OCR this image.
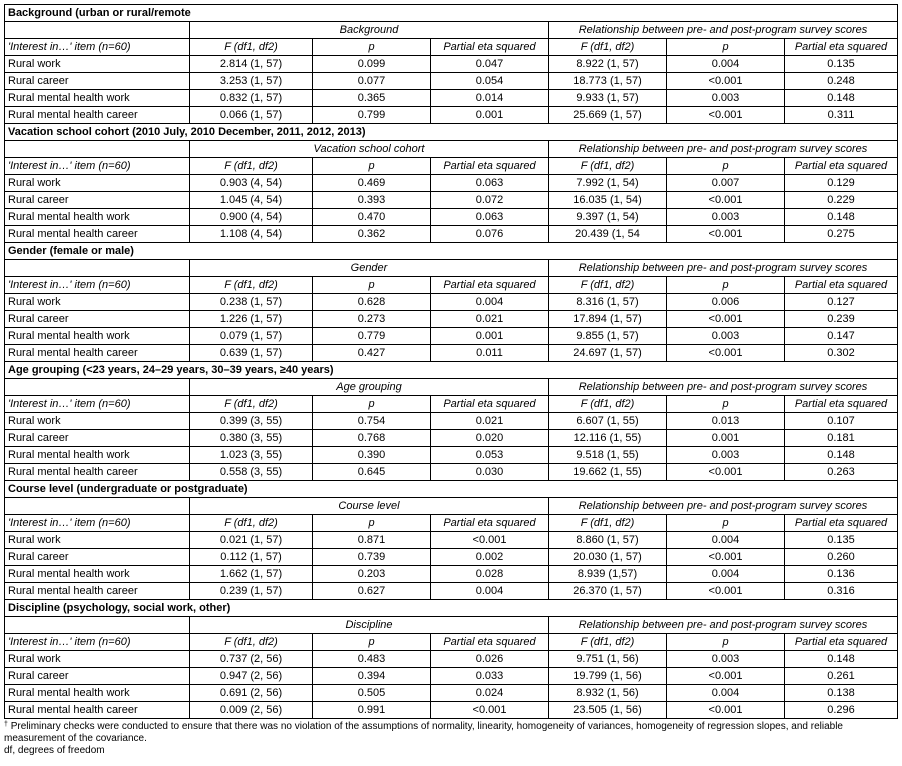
Background (urban or rural/remote						
	Background			Relationship between pre- and post-program survey scores		
'Interest in…' item (n=60)	F (df1, df2)	p	Partial eta squared	F (df1, df2)	p	Partial eta squared
Rural work	2.814 (1, 57)	0.099	0.047	8.922 (1, 57)	0.004	0.135
Rural career	3.253 (1, 57)	0.077	0.054	18.773 (1, 57)	<0.001	0.248
Rural mental health work	0.832 (1, 57)	0.365	0.014	9.933 (1, 57)	0.003	0.148
Rural mental health career	0.066 (1, 57)	0.799	0.001	25.669 (1, 57)	<0.001	0.311
Vacation school cohort (2010 July, 2010 December, 2011, 2012, 2013)						
	Vacation school cohort			Relationship between pre- and post-program survey scores		
'Interest in…' item (n=60)	F (df1, df2)	p	Partial eta squared	F (df1, df2)	p	Partial eta squared
Rural work	0.903 (4, 54)	0.469	0.063	7.992 (1, 54)	0.007	0.129
Rural career	1.045 (4, 54)	0.393	0.072	16.035 (1, 54)	<0.001	0.229
Rural mental health work	0.900 (4, 54)	0.470	0.063	9.397 (1, 54)	0.003	0.148
Rural mental health career	1.108 (4, 54)	0.362	0.076	20.439 (1, 54	<0.001	0.275
Gender (female or male)						
	Gender			Relationship between pre- and post-program survey scores		
'Interest in…' item (n=60)	F (df1, df2)	p	Partial eta squared	F (df1, df2)	p	Partial eta squared
Rural work	0.238 (1, 57)	0.628	0.004	8.316 (1, 57)	0.006	0.127
Rural career	1.226 (1, 57)	0.273	0.021	17.894 (1, 57)	<0.001	0.239
Rural mental health work	0.079 (1, 57)	0.779	0.001	9.855 (1, 57)	0.003	0.147
Rural mental health career	0.639 (1, 57)	0.427	0.011	24.697 (1, 57)	<0.001	0.302
Age grouping (<23 years, 24–29 years, 30–39 years, ≥40 years)						
	Age grouping			Relationship between pre- and post-program survey scores		
'Interest in…' item (n=60)	F (df1, df2)	p	Partial eta squared	F (df1, df2)	p	Partial eta squared
Rural work	0.399 (3, 55)	0.754	0.021	6.607 (1, 55)	0.013	0.107
Rural career	0.380 (3, 55)	0.768	0.020	12.116 (1, 55)	0.001	0.181
Rural mental health work	1.023 (3, 55)	0.390	0.053	9.518 (1, 55)	0.003	0.148
Rural mental health career	0.558 (3, 55)	0.645	0.030	19.662 (1, 55)	<0.001	0.263
Course level (undergraduate or postgraduate)						
	Course level			Relationship between pre- and post-program survey scores		
'Interest in…' item (n=60)	F (df1, df2)	p	Partial eta squared	F (df1, df2)	p	Partial eta squared
Rural work	0.021 (1, 57)	0.871	<0.001	8.860 (1, 57)	0.004	0.135
Rural career	0.112 (1, 57)	0.739	0.002	20.030 (1, 57)	<0.001	0.260
Rural mental health work	1.662 (1, 57)	0.203	0.028	8.939 (1,57)	0.004	0.136
Rural mental health career	0.239 (1, 57)	0.627	0.004	26.370 (1, 57)	<0.001	0.316
Discipline (psychology, social work, other)						
	Discipline			Relationship between pre- and post-program survey scores		
'Interest in…' item (n=60)	F (df1, df2)	p	Partial eta squared	F (df1, df2)	p	Partial eta squared
Rural work	0.737 (2, 56)	0.483	0.026	9.751 (1, 56)	0.003	0.148
Rural career	0.947 (2, 56)	0.394	0.033	19.799 (1, 56)	<0.001	0.261
Rural mental health work	0.691 (2, 56)	0.505	0.024	8.932 (1, 56)	0.004	0.138
Rural mental health career	0.009 (2, 56)	0.991	<0.001	23.505 (1, 56)	<0.001	0.296

† Preliminary checks were conducted to ensure that there was no violation of the assumptions of normality, linearity, homogeneity of variances, homogeneity of regression slopes, and reliable measurement of the covariance.

df, degrees of freedom
